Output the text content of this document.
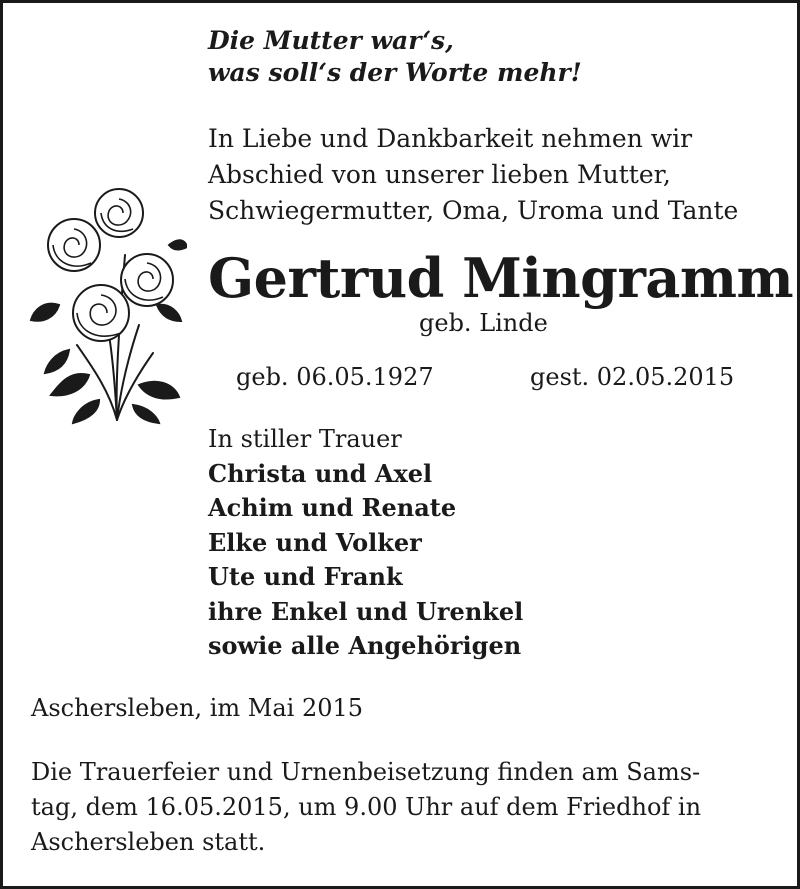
Die Mutter war‘s,
was soll‘s der Worte mehr!
In Liebe und Dankbarkeit nehmen wir
Abschied von unserer lieben Mutter,
Schwiegermutter, Oma, Uroma und Tante
Gertrud Mingramm
geb. Linde
geb. 06.05.1927	gest. 02.05.2015
In stiller Trauer
Christa und Axel
Achim und Renate
Elke und Volker
Ute und Frank
ihre Enkel und Urenkel
sowie alle Angehörigen
Aschersleben, im Mai 2015
Die Trauerfeier und Urnenbeisetzung finden am Sams-
tag, dem 16.05.2015, um 9.00 Uhr auf dem Friedhof in
Aschersleben statt.
